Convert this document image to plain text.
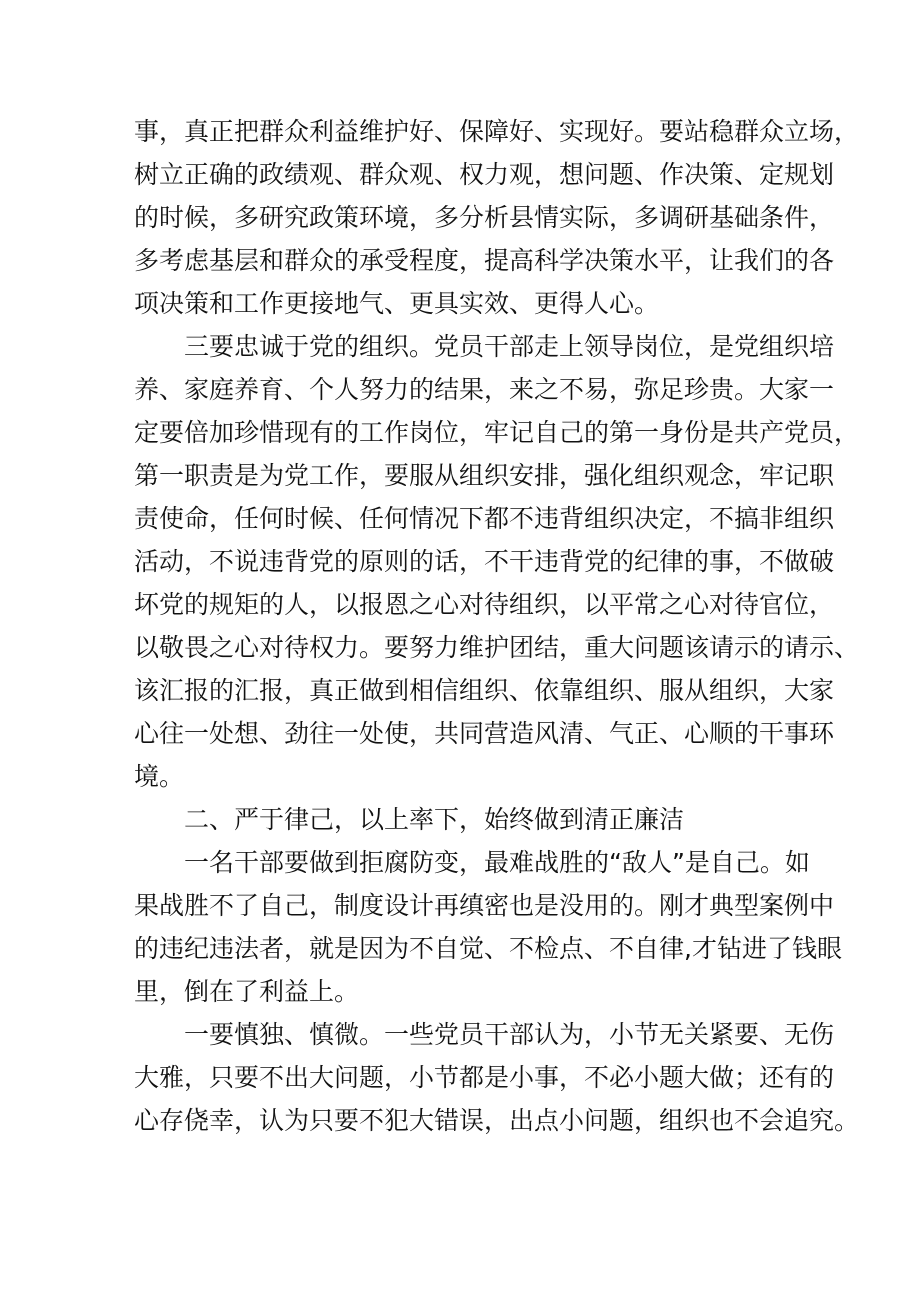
事，真正把群众利益维护好、保障好、实现好。要站稳群众立场，
树立正确的政绩观、群众观、权力观，想问题、作决策、定规划
的时候，多研究政策环境，多分析县情实际，多调研基础条件，
多考虑基层和群众的承受程度，提高科学决策水平，让我们的各
项决策和工作更接地气、更具实效、更得人心。
三要忠诚于党的组织。党员干部走上领导岗位，是党组织培
养、家庭养育、个人努力的结果，来之不易，弥足珍贵。大家一
定要倍加珍惜现有的工作岗位，牢记自己的第一身份是共产党员，
第一职责是为党工作，要服从组织安排，强化组织观念，牢记职
责使命，任何时候、任何情况下都不违背组织决定，不搞非组织
活动，不说违背党的原则的话，不干违背党的纪律的事，不做破
坏党的规矩的人，以报恩之心对待组织，以平常之心对待官位，
以敬畏之心对待权力。要努力维护团结，重大问题该请示的请示、
该汇报的汇报，真正做到相信组织、依靠组织、服从组织，大家
心往一处想、劲往一处使，共同营造风清、气正、心顺的干事环
境。
二、严于律己，以上率下，始终做到清正廉洁
一名干部要做到拒腐防变，最难战胜的“敌人”是自己。如
果战胜不了自己，制度设计再缜密也是没用的。刚才典型案例中
的违纪违法者，就是因为不自觉、不检点、不自律,才钻进了钱眼
里，倒在了利益上。
一要慎独、慎微。一些党员干部认为，小节无关紧要、无伤
大雅，只要不出大问题，小节都是小事，不必小题大做；还有的
心存侥幸，认为只要不犯大错误，出点小问题，组织也不会追究。
